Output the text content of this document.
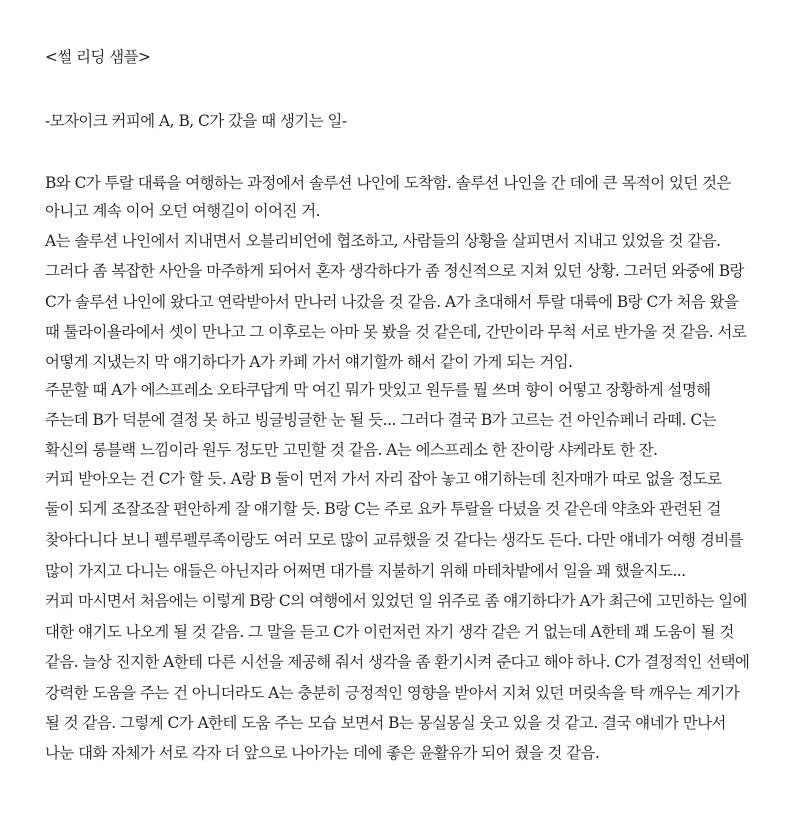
<썰 리딩 샘플>
-모자이크 커피에 A, B, C가 갔을 때 생기는 일-
B와 C가 투랄 대륙을 여행하는 과정에서 솔루션 나인에 도착함. 솔루션 나인을 간 데에 큰 목적이 있던 것은
아니고 계속 이어 오던 여행길이 이어진 거.
A는 솔루션 나인에서 지내면서 오블리비언에 협조하고, 사람들의 상황을 살피면서 지내고 있었을 것 같음.
그러다 좀 복잡한 사안을 마주하게 되어서 혼자 생각하다가 좀 정신적으로 지쳐 있던 상황. 그러던 와중에 B랑
C가 솔루션 나인에 왔다고 연락받아서 만나러 나갔을 것 같음. A가 초대해서 투랄 대륙에 B랑 C가 처음 왔을
때 툴라이욜라에서 셋이 만나고 그 이후로는 아마 못 봤을 것 같은데, 간만이라 무척 서로 반가울 것 같음. 서로
어떻게 지냈는지 막 얘기하다가 A가 카페 가서 얘기할까 해서 같이 가게 되는 거임.
주문할 때 A가 에스프레소 오타쿠답게 막 여긴 뭐가 맛있고 원두를 뭘 쓰며 향이 어떻고 장황하게 설명해
주는데 B가 덕분에 결정 못 하고 빙글빙글한 눈 될 듯... 그러다 결국 B가 고르는 건 아인슈페너 라떼. C는
확신의 롱블랙 느낌이라 원두 정도만 고민할 것 같음. A는 에스프레소 한 잔이랑 샤케라토 한 잔.
커피 받아오는 건 C가 할 듯. A랑 B 둘이 먼저 가서 자리 잡아 놓고 얘기하는데 친자매가 따로 없을 정도로
둘이 되게 조잘조잘 편안하게 잘 얘기할 듯. B랑 C는 주로 요카 투랄을 다녔을 것 같은데 약초와 관련된 걸
찾아다니다 보니 펠루펠루족이랑도 여러 모로 많이 교류했을 것 같다는 생각도 든다. 다만 얘네가 여행 경비를
많이 가지고 다니는 애들은 아닌지라 어쩌면 대가를 지불하기 위해 마테차밭에서 일을 꽤 했을지도...
커피 마시면서 처음에는 이렇게 B랑 C의 여행에서 있었던 일 위주로 좀 얘기하다가 A가 최근에 고민하는 일에
대한 얘기도 나오게 될 것 같음. 그 말을 듣고 C가 이런저런 자기 생각 같은 거 없는데 A한테 꽤 도움이 될 것
같음. 늘상 진지한 A한테 다른 시선을 제공해 줘서 생각을 좀 환기시켜 준다고 해야 하나. C가 결정적인 선택에
강력한 도움을 주는 건 아니더라도 A는 충분히 긍정적인 영향을 받아서 지쳐 있던 머릿속을 탁 깨우는 계기가
될 것 같음. 그렇게 C가 A한테 도움 주는 모습 보면서 B는 몽실몽실 웃고 있을 것 같고. 결국 얘네가 만나서
나눈 대화 자체가 서로 각자 더 앞으로 나아가는 데에 좋은 윤활유가 되어 줬을 것 같음.
